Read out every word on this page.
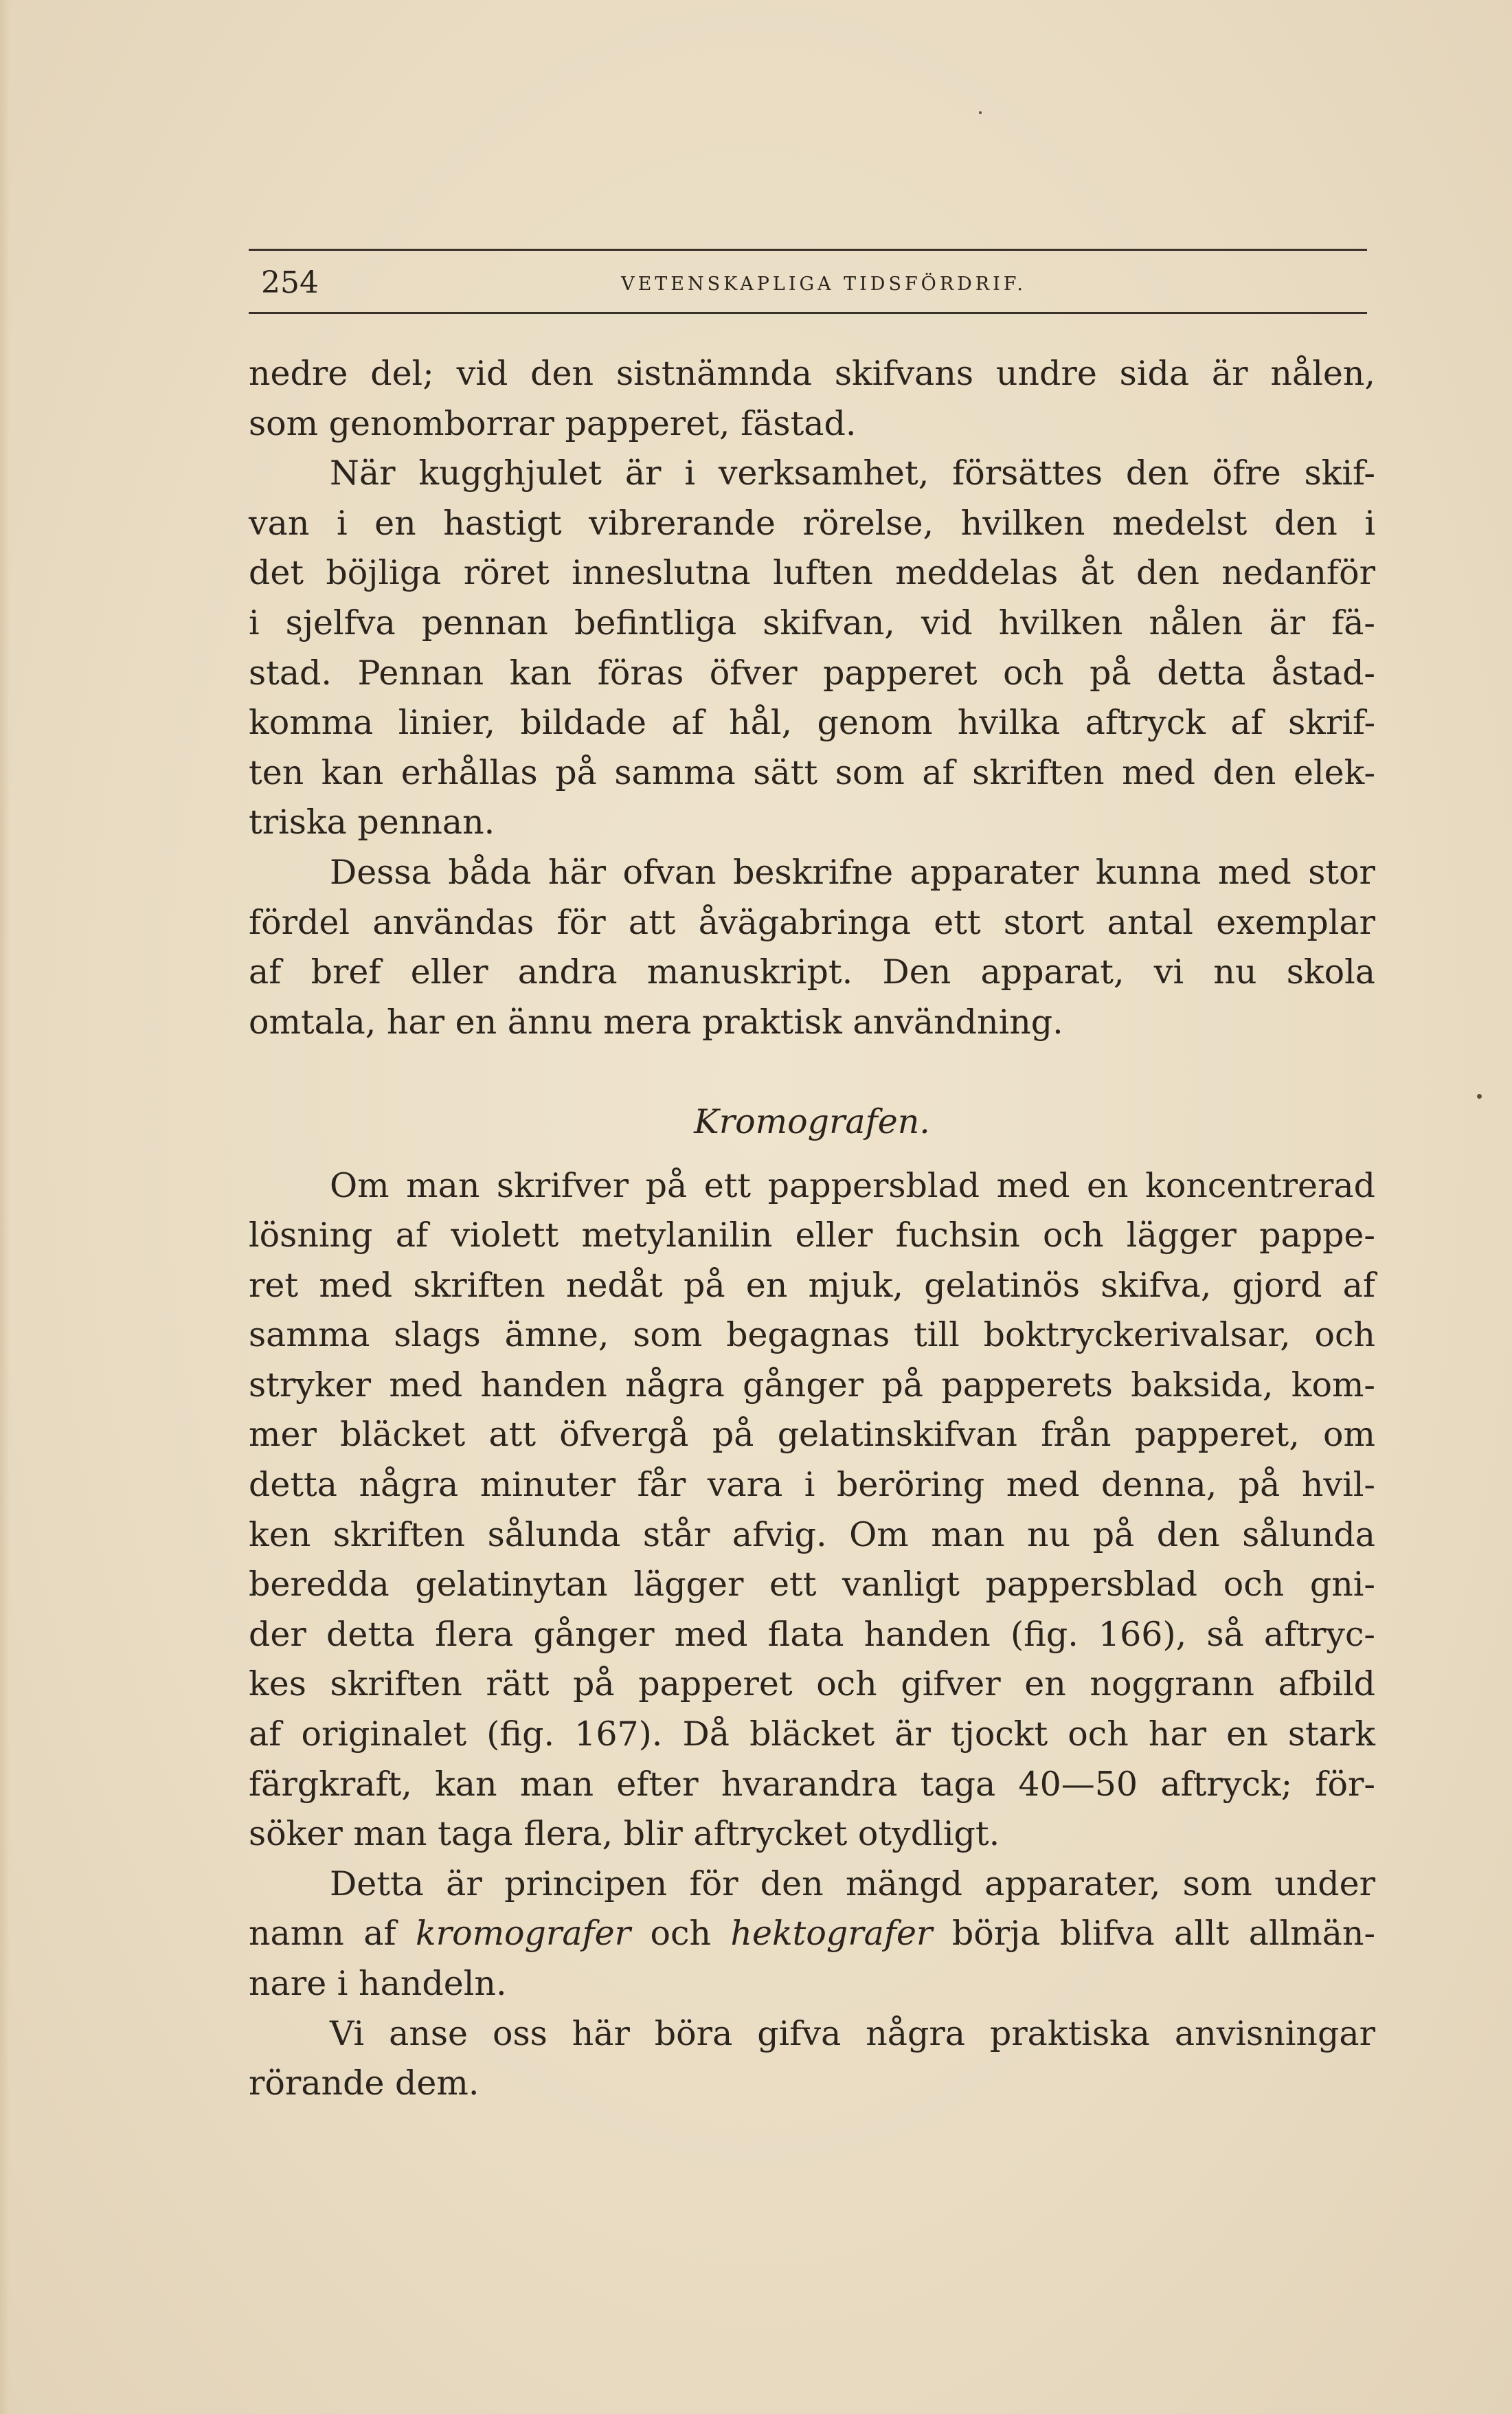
254	VETENSKAPLIGA TIDSFÖRDRIF.
nedre del; vid den sistnämnda skifvans undre sida är nålen,
som genomborrar papperet, fästad.
När kugghjulet är i verksamhet, försättes den öfre skif-
van i en hastigt vibrerande rörelse, hvilken medelst den i
det böjliga röret inneslutna luften meddelas åt den nedanför
i sjelfva pennan befintliga skifvan, vid hvilken nålen är fä-
stad. Pennan kan föras öfver papperet och på detta åstad-
komma linier, bildade af hål, genom hvilka aftryck af skrif-
ten kan erhållas på samma sätt som af skriften med den elek-
triska pennan.
Dessa båda här ofvan beskrifne apparater kunna med stor
fördel användas för att åvägabringa ett stort antal exemplar
af bref eller andra manuskript. Den apparat, vi nu skola
omtala, har en ännu mera praktisk användning.
Kromografen.
Om man skrifver på ett pappersblad med en koncentrerad
lösning af violett metylanilin eller fuchsin och lägger pappe-
ret med skriften nedåt på en mjuk, gelatinös skifva, gjord af
samma slags ämne, som begagnas till boktryckerivalsar, och
stryker med handen några gånger på papperets baksida, kom-
mer bläcket att öfvergå på gelatinskifvan från papperet, om
detta några minuter får vara i beröring med denna, på hvil-
ken skriften sålunda står afvig. Om man nu på den sålunda
beredda gelatinytan lägger ett vanligt pappersblad och gni-
der detta flera gånger med flata handen (fig. 166), så aftryc-
kes skriften rätt på papperet och gifver en noggrann afbild
af originalet (fig. 167). Då bläcket är tjockt och har en stark
färgkraft, kan man efter hvarandra taga 40—50 aftryck; för-
söker man taga flera, blir aftrycket otydligt.
Detta är principen för den mängd apparater, som under
namn af kromografer och hektografer börja blifva allt allmän-
nare i handeln.
Vi anse oss här böra gifva några praktiska anvisningar
rörande dem.
